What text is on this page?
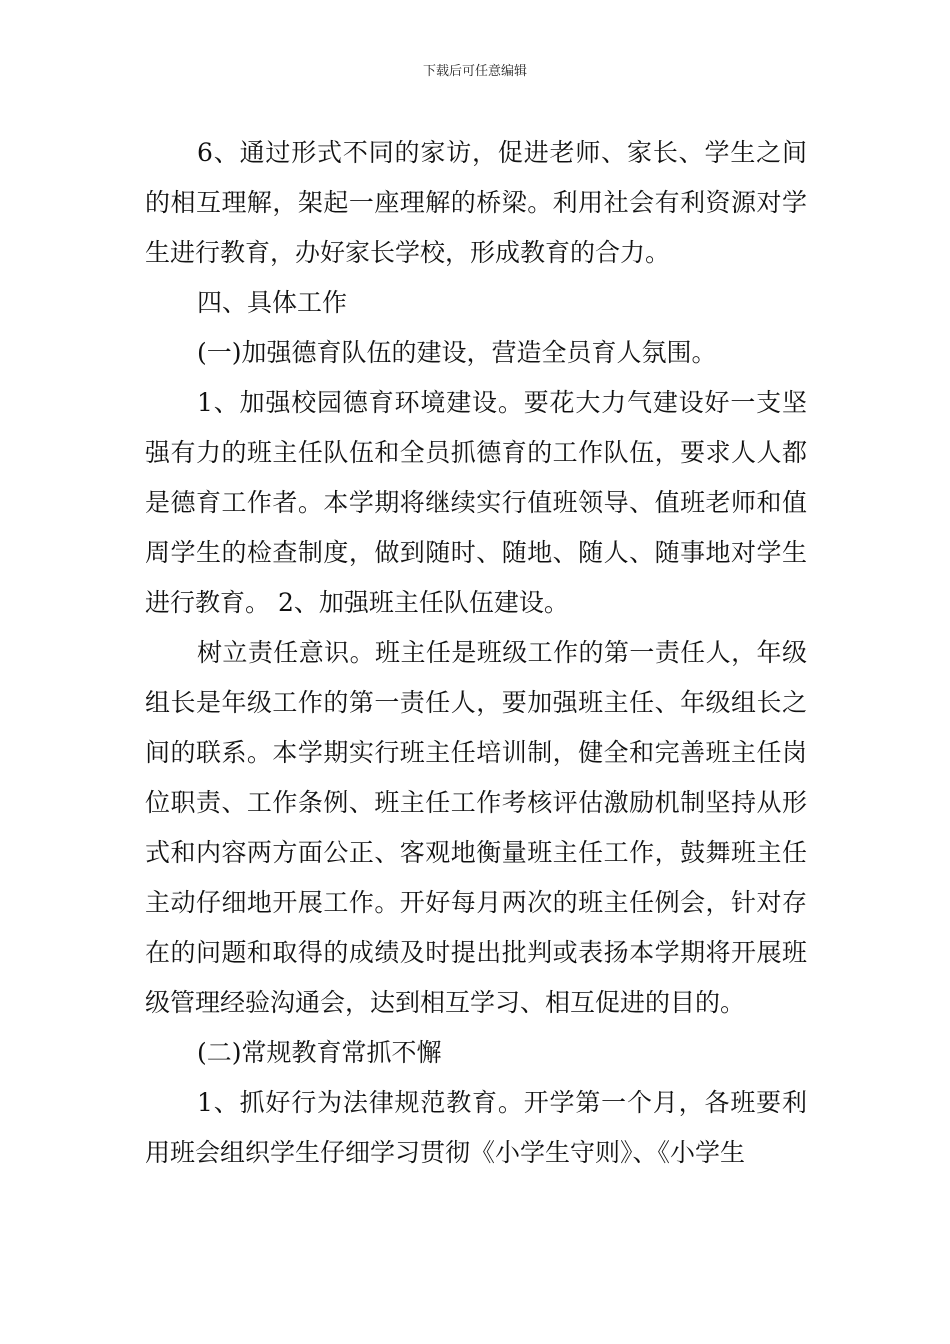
下载后可任意编辑

6、通过形式不同的家访，促进老师、家长、学生之间的相互理解，架起一座理解的桥梁。利用社会有利资源对学生进行教育，办好家长学校，形成教育的合力。

四、具体工作

(一)加强德育队伍的建设，营造全员育人氛围。

1、加强校园德育环境建设。要花大力气建设好一支坚强有力的班主任队伍和全员抓德育的工作队伍，要求人人都是德育工作者。本学期将继续实行值班领导、值班老师和值周学生的检查制度，做到随时、随地、随人、随事地对学生进行教育。 2、加强班主任队伍建设。

树立责任意识。班主任是班级工作的第一责任人，年级组长是年级工作的第一责任人，要加强班主任、年级组长之间的联系。本学期实行班主任培训制，健全和完善班主任岗位职责、工作条例、班主任工作考核评估激励机制坚持从形式和内容两方面公正、客观地衡量班主任工作，鼓舞班主任主动仔细地开展工作。开好每月两次的班主任例会，针对存在的问题和取得的成绩及时提出批判或表扬本学期将开展班级管理经验沟通会，达到相互学习、相互促进的目的。

(二)常规教育常抓不懈

1、抓好行为法律规范教育。开学第一个月，各班要利用班会组织学生仔细学习贯彻《小学生守则》、《小学生
